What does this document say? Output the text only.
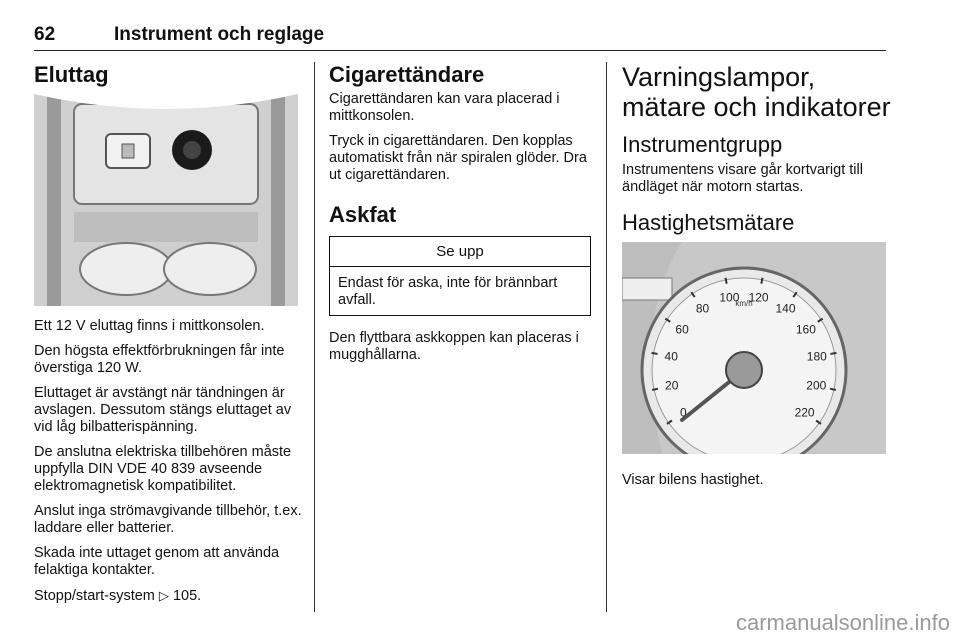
62	Instrument och reglage
Eluttag

Ett 12 V eluttag finns i mittkonsolen.

Den högsta effektförbrukningen får inte överstiga 120 W.

Eluttaget är avstängt när tändningen är avslagen. Dessutom stängs eluttaget av vid låg bilbatterispänning.

De anslutna elektriska tillbehören måste uppfylla DIN VDE 40 839 avseende elektromagnetisk kompatibilitet.

Anslut inga strömavgivande tillbehör, t.ex. laddare eller batterier.

Skada inte uttaget genom att använda felaktiga kontakter.

Stopp/start-system ▷ 105.

Cigarettändare

Cigarettändaren kan vara placerad i mittkonsolen.

Tryck in cigarettändaren. Den kopplas automatiskt från när spiralen glöder. Dra ut cigarettändaren.

Askfat
Se upp
Endast för aska, inte för brännbart avfall.

Den flyttbara askkoppen kan placeras i mugghållarna.

Varningslampor,
mätare och indikatorer
Instrumentgrupp

Instrumentens visare går kortvarigt till ändläget när motorn startas.

Hastighetsmätare
0
20
40
60
80
100 120
140
160
180
200
220
km/h

Visar bilens hastighet.

carmanualsonline.info
